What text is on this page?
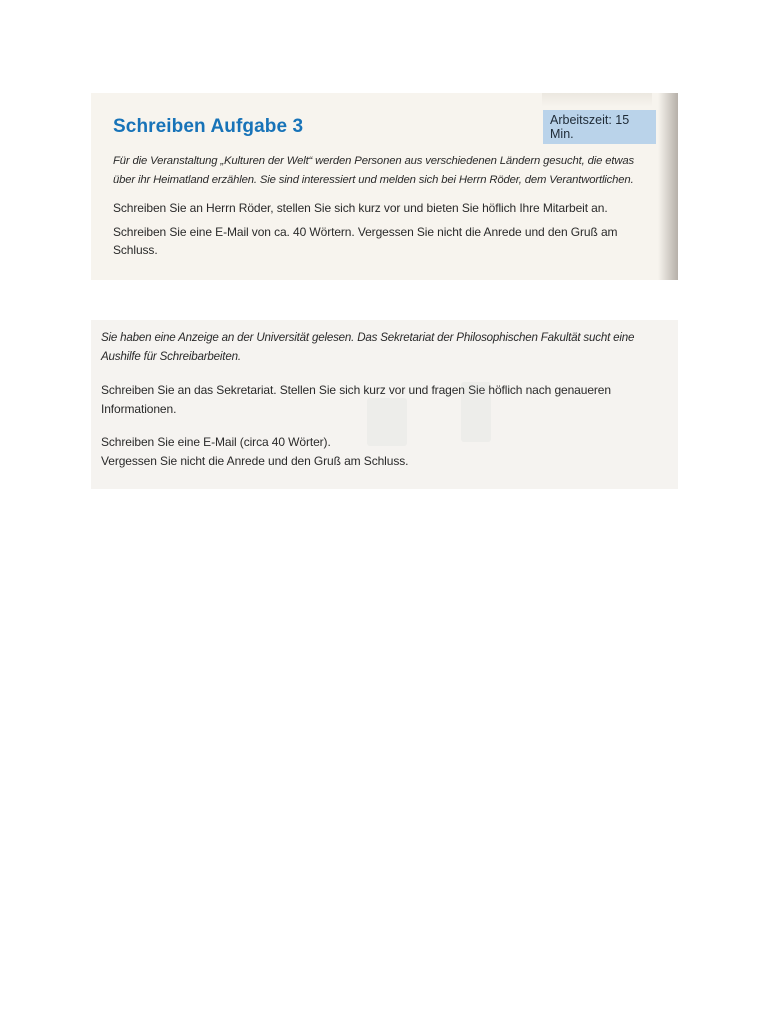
Schreiben Aufgabe 3	Arbeitszeit: 15 Min.
Für die Veranstaltung „Kulturen der Welt“ werden Personen aus verschiedenen Ländern gesucht, die etwas
über ihr Heimatland erzählen. Sie sind interessiert und melden sich bei Herrn Röder, dem Verantwortlichen.
Schreiben Sie an Herrn Röder, stellen Sie sich kurz vor und bieten Sie höflich Ihre Mitarbeit an.
Schreiben Sie eine E-Mail von ca. 40 Wörtern. Vergessen Sie nicht die Anrede und den Gruß am
Schluss.
Sie haben eine Anzeige an der Universität gelesen. Das Sekretariat der Philosophischen Fakultät sucht eine
Aushilfe für Schreibarbeiten.
Schreiben Sie an das Sekretariat. Stellen Sie sich kurz vor und fragen Sie höflich nach genaueren
Informationen.
Schreiben Sie eine E-Mail (circa 40 Wörter).
Vergessen Sie nicht die Anrede und den Gruß am Schluss.
